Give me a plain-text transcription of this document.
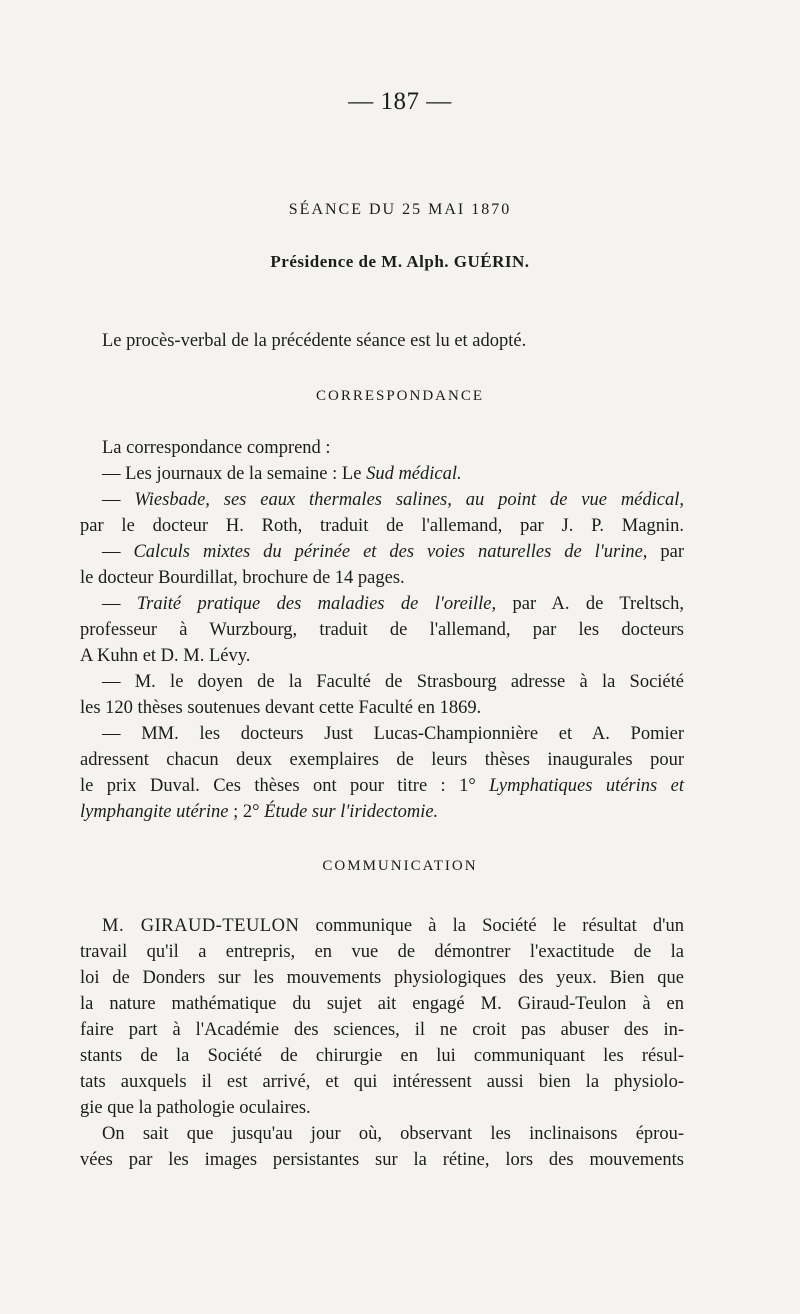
— 187 —
SÉANCE DU 25 MAI 1870
Présidence de M. Alph. GUÉRIN.
Le procès-verbal de la précédente séance est lu et adopté.
CORRESPONDANCE
La correspondance comprend :
— Les journaux de la semaine : Le Sud médical.
— Wiesbade, ses eaux thermales salines, au point de vue médical,
par le docteur H. Roth, traduit de l'allemand, par J. P. Magnin.
— Calculs mixtes du périnée et des voies naturelles de l'urine, par
le docteur Bourdillat, brochure de 14 pages.
— Traité pratique des maladies de l'oreille, par A. de Treltsch,
professeur à Wurzbourg, traduit de l'allemand, par les docteurs
A Kuhn et D. M. Lévy.
— M. le doyen de la Faculté de Strasbourg adresse à la Société
les 120 thèses soutenues devant cette Faculté en 1869.
— MM. les docteurs Just Lucas-Championnière et A. Pomier
adressent chacun deux exemplaires de leurs thèses inaugurales pour
le prix Duval. Ces thèses ont pour titre : 1° Lymphatiques utérins et
lymphangite utérine ; 2° Étude sur l'iridectomie.
COMMUNICATION
M. GIRAUD-TEULON communique à la Société le résultat d'un
travail qu'il a entrepris, en vue de démontrer l'exactitude de la
loi de Donders sur les mouvements physiologiques des yeux. Bien que
la nature mathématique du sujet ait engagé M. Giraud-Teulon à en
faire part à l'Académie des sciences, il ne croit pas abuser des in-
stants de la Société de chirurgie en lui communiquant les résul-
tats auxquels il est arrivé, et qui intéressent aussi bien la physiolo-
gie que la pathologie oculaires.
On sait que jusqu'au jour où, observant les inclinaisons éprou-
vées par les images persistantes sur la rétine, lors des mouvements
